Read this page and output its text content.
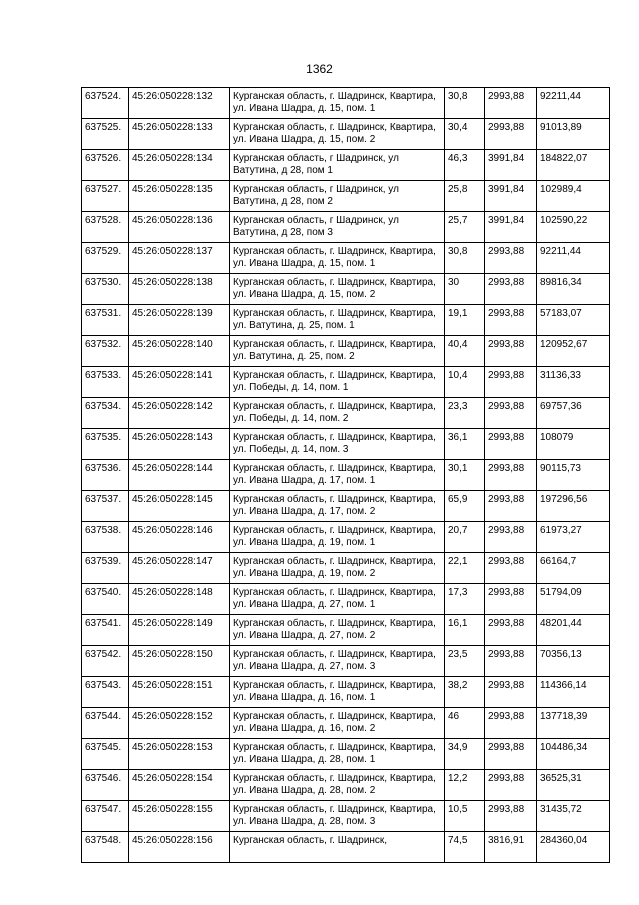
1362
637524.	45:26:050228:132	Курганская область, г. Шадринск, Квартира, ул. Ивана Шадра, д. 15, пом. 1	30,8	2993,88	92211,44
637525.	45:26:050228:133	Курганская область, г. Шадринск, Квартира, ул. Ивана Шадра, д. 15, пом. 2	30,4	2993,88	91013,89
637526.	45:26:050228:134	Курганская область, г Шадринск, ул Ватутина, д 28, пом 1	46,3	3991,84	184822,07
637527.	45:26:050228:135	Курганская область, г Шадринск, ул Ватутина, д 28, пом 2	25,8	3991,84	102989,4
637528.	45:26:050228:136	Курганская область, г Шадринск, ул Ватутина, д 28, пом 3	25,7	3991,84	102590,22
637529.	45:26:050228:137	Курганская область, г. Шадринск, Квартира, ул. Ивана Шадра, д. 15, пом. 1	30,8	2993,88	92211,44
637530.	45:26:050228:138	Курганская область, г. Шадринск, Квартира, ул. Ивана Шадра, д. 15, пом. 2	30	2993,88	89816,34
637531.	45:26:050228:139	Курганская область, г. Шадринск, Квартира, ул. Ватутина, д. 25, пом. 1	19,1	2993,88	57183,07
637532.	45:26:050228:140	Курганская область, г. Шадринск, Квартира, ул. Ватутина, д. 25, пом. 2	40,4	2993,88	120952,67
637533.	45:26:050228:141	Курганская область, г. Шадринск, Квартира, ул. Победы, д. 14, пом. 1	10,4	2993,88	31136,33
637534.	45:26:050228:142	Курганская область, г. Шадринск, Квартира, ул. Победы, д. 14, пом. 2	23,3	2993,88	69757,36
637535.	45:26:050228:143	Курганская область, г. Шадринск, Квартира, ул. Победы, д. 14, пом. 3	36,1	2993,88	108079
637536.	45:26:050228:144	Курганская область, г. Шадринск, Квартира, ул. Ивана Шадра, д. 17, пом. 1	30,1	2993,88	90115,73
637537.	45:26:050228:145	Курганская область, г. Шадринск, Квартира, ул. Ивана Шадра, д. 17, пом. 2	65,9	2993,88	197296,56
637538.	45:26:050228:146	Курганская область, г. Шадринск, Квартира, ул. Ивана Шадра, д. 19, пом. 1	20,7	2993,88	61973,27
637539.	45:26:050228:147	Курганская область, г. Шадринск, Квартира, ул. Ивана Шадра, д. 19, пом. 2	22,1	2993,88	66164,7
637540.	45:26:050228:148	Курганская область, г. Шадринск, Квартира, ул. Ивана Шадра, д. 27, пом. 1	17,3	2993,88	51794,09
637541.	45:26:050228:149	Курганская область, г. Шадринск, Квартира, ул. Ивана Шадра, д. 27, пом. 2	16,1	2993,88	48201,44
637542.	45:26:050228:150	Курганская область, г. Шадринск, Квартира, ул. Ивана Шадра, д. 27, пом. 3	23,5	2993,88	70356,13
637543.	45:26:050228:151	Курганская область, г. Шадринск, Квартира, ул. Ивана Шадра, д. 16, пом. 1	38,2	2993,88	114366,14
637544.	45:26:050228:152	Курганская область, г. Шадринск, Квартира, ул. Ивана Шадра, д. 16, пом. 2	46	2993,88	137718,39
637545.	45:26:050228:153	Курганская область, г. Шадринск, Квартира, ул. Ивана Шадра, д. 28, пом. 1	34,9	2993,88	104486,34
637546.	45:26:050228:154	Курганская область, г. Шадринск, Квартира, ул. Ивана Шадра, д. 28, пом. 2	12,2	2993,88	36525,31
637547.	45:26:050228:155	Курганская область, г. Шадринск, Квартира, ул. Ивана Шадра, д. 28, пом. 3	10,5	2993,88	31435,72
637548.	45:26:050228:156	Курганская область, г. Шадринск,	74,5	3816,91	284360,04
